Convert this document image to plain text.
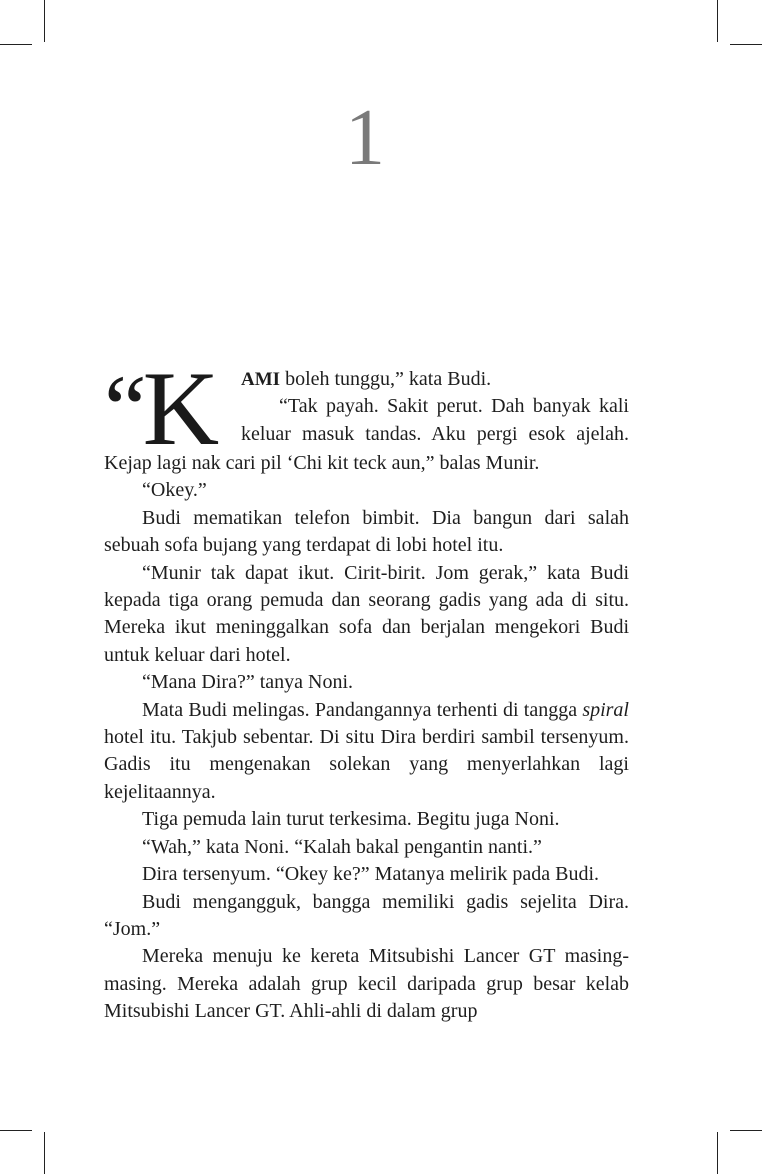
1
“K	AMI boleh tunggu,” kata Budi.
“Tak payah. Sakit perut. Dah banyak kali
keluar masuk tandas. Aku pergi esok ajelah.

Kejap lagi nak cari pil ‘Chi kit teck aun,” balas Munir.

“Okey.”

Budi mematikan telefon bimbit. Dia bangun dari salah sebuah sofa bujang yang terdapat di lobi hotel itu.

“Munir tak dapat ikut. Cirit-birit. Jom gerak,” kata Budi kepada tiga orang pemuda dan seorang gadis yang ada di situ. Mereka ikut meninggalkan sofa dan berjalan mengekori Budi untuk keluar dari hotel.

“Mana Dira?” tanya Noni.

Mata Budi melingas. Pandangannya terhenti di tangga spiral hotel itu. Takjub sebentar. Di situ Dira berdiri sambil tersenyum. Gadis itu mengenakan solekan yang menyerlahkan lagi kejelitaannya.

Tiga pemuda lain turut terkesima. Begitu juga Noni.

“Wah,” kata Noni. “Kalah bakal pengantin nanti.”

Dira tersenyum. “Okey ke?” Matanya melirik pada Budi.

Budi mengangguk, bangga memiliki gadis sejelita Dira. “Jom.”

Mereka menuju ke kereta Mitsubishi Lancer GT masing-masing. Mereka adalah grup kecil daripada grup besar kelab Mitsubishi Lancer GT. Ahli-ahli di dalam grup
